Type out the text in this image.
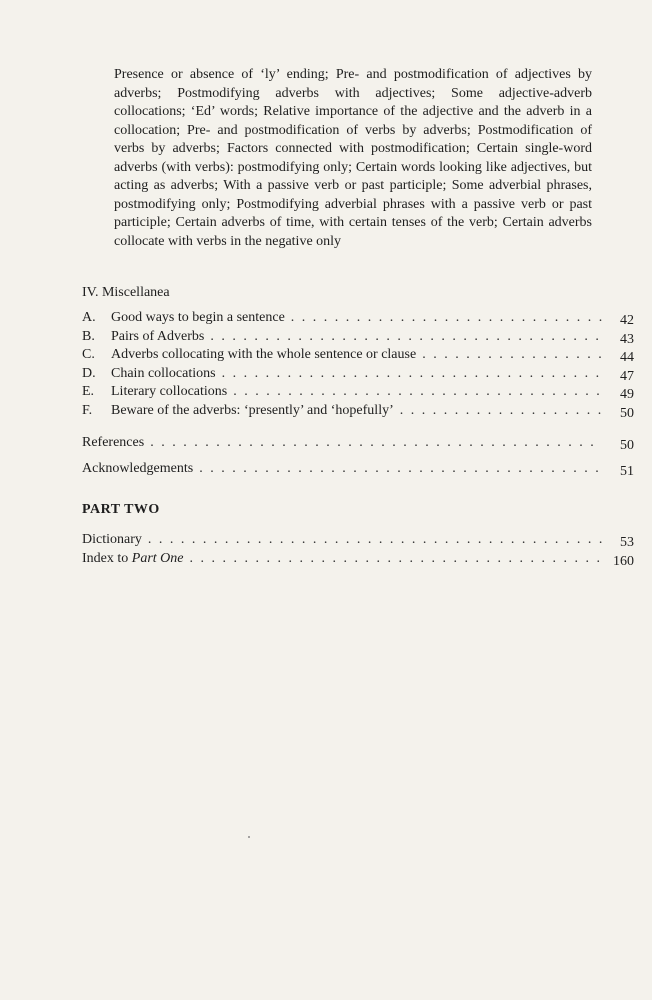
Presence or absence of ‘ly’ ending; Pre- and postmodification of adjectives by adverbs; Postmodifying adverbs with adjectives; Some adjective-adverb collocations; ‘Ed’ words; Relative importance of the adjective and the adverb in a collocation; Pre- and postmodification of verbs by adverbs; Postmodification of verbs by adverbs; Factors connected with postmodification; Certain single-word adverbs (with verbs): postmodifying only; Certain words looking like adjectives, but acting as adverbs; With a passive verb or past participle; Some adverbial phrases, postmodifying only; Postmodifying adverbial phrases with a passive verb or past participle; Certain adverbs of time, with certain tenses of the verb; Certain adverbs collocate with verbs in the negative only

IV. Miscellanea

A.	Good ways to begin a sentence . . .	42
B.	Pairs of Adverbs . . .	43
C.	Adverbs collocating with the whole sentence or clause . . .	44
D.	Chain collocations . . .	47
E.	Literary collocations . . .	49
F.	Beware of the adverbs: ‘presently’ and ‘hopefully’ . . .	50
References . . .	50
Acknowledgements . . .	51

PART TWO

Dictionary . . .	53
Index to Part One . . .	160
